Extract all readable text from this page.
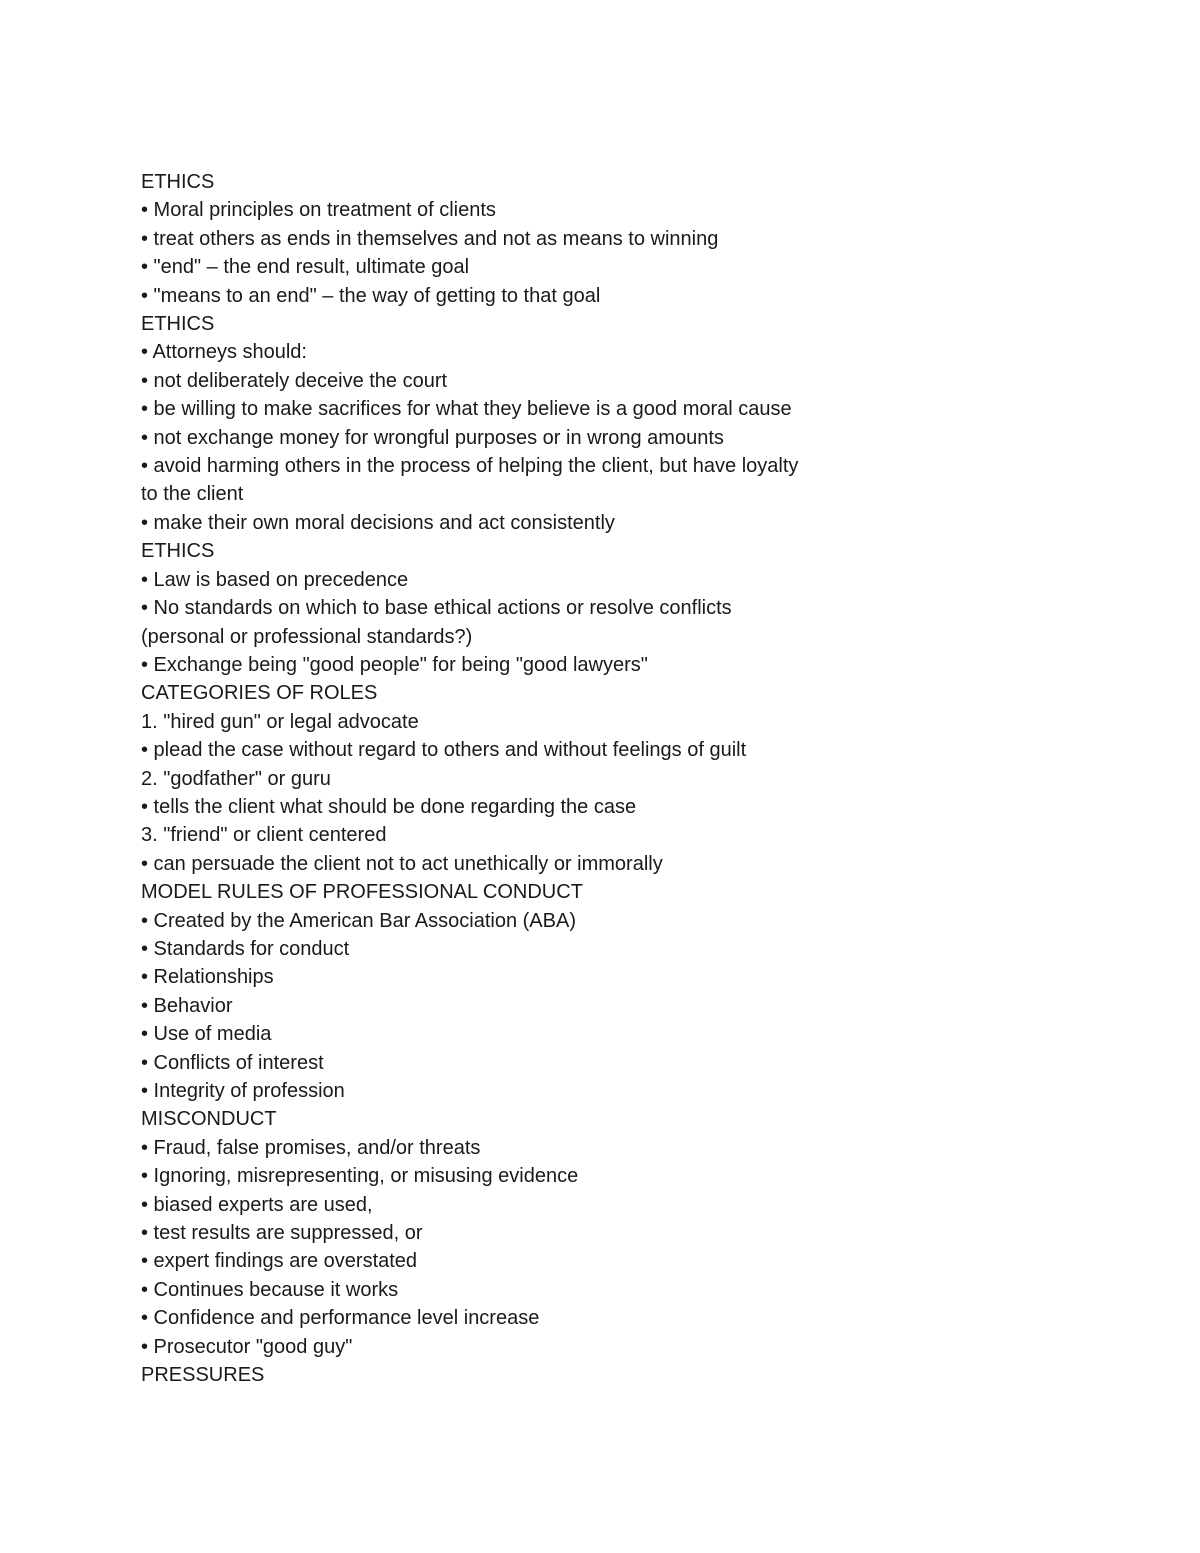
ETHICS

• Moral principles on treatment of clients

• treat others as ends in themselves and not as means to winning

• "end" – the end result, ultimate goal

• "means to an end" – the way of getting to that goal

ETHICS

• Attorneys should:

• not deliberately deceive the court

• be willing to make sacrifices for what they believe is a good moral cause

• not exchange money for wrongful purposes or in wrong amounts

• avoid harming others in the process of helping the client, but have loyalty

to the client

• make their own moral decisions and act consistently

ETHICS

• Law is based on precedence

• No standards on which to base ethical actions or resolve conflicts

(personal or professional standards?)

• Exchange being "good people" for being "good lawyers"

CATEGORIES OF ROLES

1. "hired gun" or legal advocate

• plead the case without regard to others and without feelings of guilt

2. "godfather" or guru

• tells the client what should be done regarding the case

3. "friend" or client centered

• can persuade the client not to act unethically or immorally

MODEL RULES OF PROFESSIONAL CONDUCT

• Created by the American Bar Association (ABA)

• Standards for conduct

• Relationships

• Behavior

• Use of media

• Conflicts of interest

• Integrity of profession

MISCONDUCT

• Fraud, false promises, and/or threats

• Ignoring, misrepresenting, or misusing evidence

• biased experts are used,

• test results are suppressed, or

• expert findings are overstated

• Continues because it works

• Confidence and performance level increase

• Prosecutor "good guy"

PRESSURES
